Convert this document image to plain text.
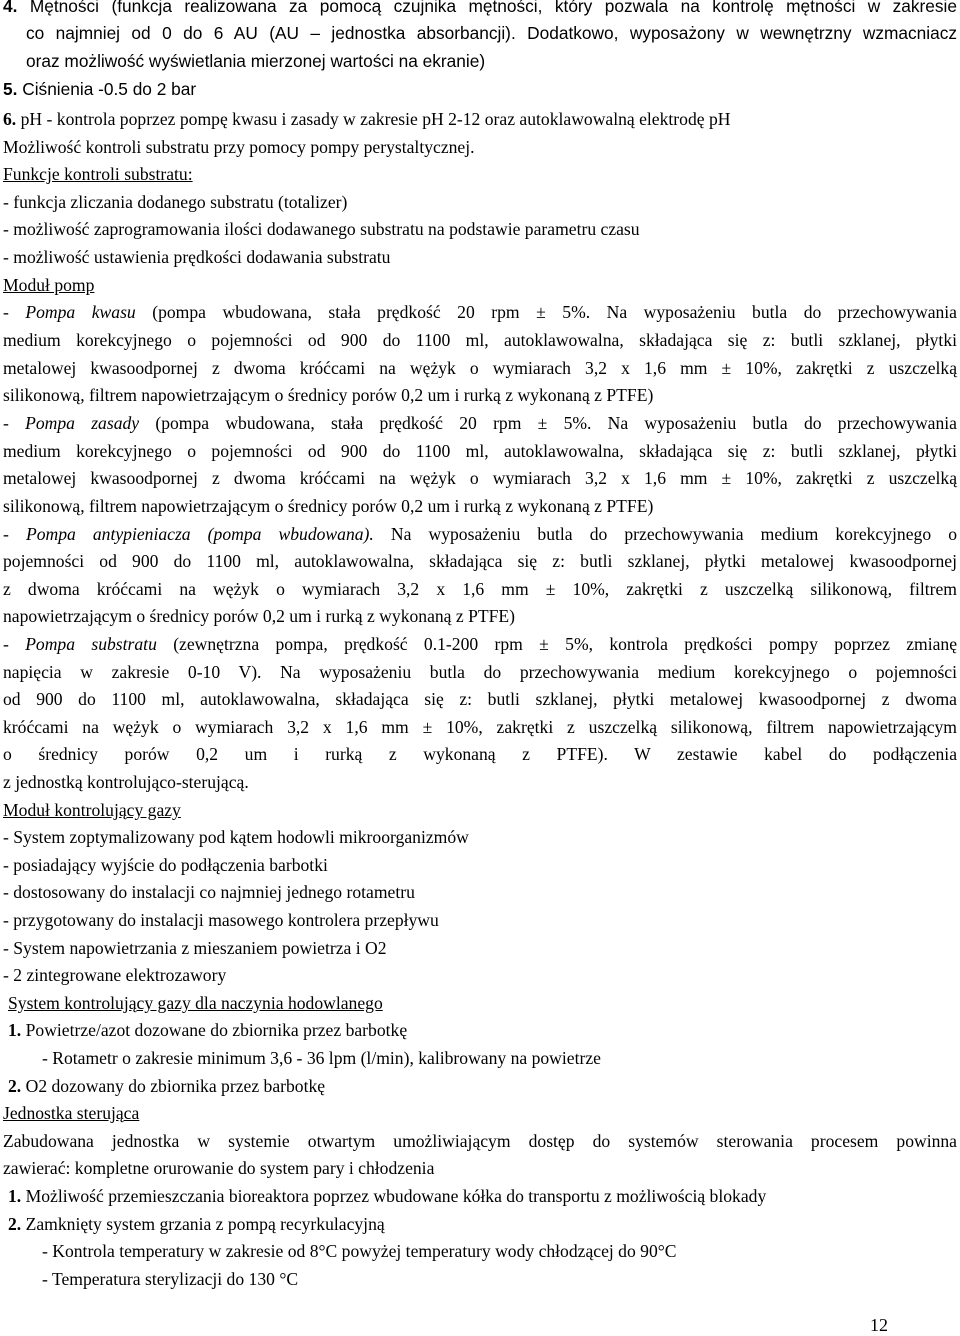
4. Mętności (funkcja realizowana za pomocą czujnika mętności, który pozwala na kontrolę mętności w zakresie

co najmniej od 0 do 6 AU (AU – jednostka absorbancji). Dodatkowo, wyposażony w wewnętrzny wzmacniacz

oraz możliwość wyświetlania mierzonej wartości na ekranie)

5. Ciśnienia -0.5 do 2 bar

6. pH - kontrola poprzez pompę kwasu i zasady w zakresie pH 2-12 oraz autoklawowalną elektrodę pH

Możliwość kontroli substratu przy pomocy pompy perystaltycznej.

Funkcje kontroli substratu:

- funkcja zliczania dodanego substratu (totalizer)

- możliwość zaprogramowania ilości dodawanego substratu na podstawie parametru czasu

- możliwość ustawienia prędkości dodawania substratu

Moduł pomp

- Pompa kwasu (pompa wbudowana, stała prędkość 20 rpm ± 5%. Na wyposażeniu butla do przechowywania

medium korekcyjnego o pojemności od 900 do 1100 ml, autoklawowalna, składająca się z: butli szklanej, płytki

metalowej kwasoodpornej z dwoma króćcami na wężyk o wymiarach 3,2 x 1,6 mm ± 10%, zakrętki z uszczelką

silikonową, filtrem napowietrzającym o średnicy porów 0,2 um i rurką z wykonaną z PTFE)

- Pompa zasady (pompa wbudowana, stała prędkość 20 rpm ± 5%. Na wyposażeniu butla do przechowywania

medium korekcyjnego o pojemności od 900 do 1100 ml, autoklawowalna, składająca się z: butli szklanej, płytki

metalowej kwasoodpornej z dwoma króćcami na wężyk o wymiarach 3,2 x 1,6 mm ± 10%, zakrętki z uszczelką

silikonową, filtrem napowietrzającym o średnicy porów 0,2 um i rurką z wykonaną z PTFE)

- Pompa antypieniacza (pompa wbudowana). Na wyposażeniu butla do przechowywania medium korekcyjnego o

pojemności od 900 do 1100 ml, autoklawowalna, składająca się z: butli szklanej, płytki metalowej kwasoodpornej

z dwoma króćcami na wężyk o wymiarach 3,2 x 1,6 mm ± 10%, zakrętki z uszczelką silikonową, filtrem

napowietrzającym o średnicy porów 0,2 um i rurką z wykonaną z PTFE)

- Pompa substratu (zewnętrzna pompa, prędkość 0.1-200 rpm ± 5%, kontrola prędkości pompy poprzez zmianę

napięcia w zakresie 0-10 V). Na wyposażeniu butla do przechowywania medium korekcyjnego o pojemności

od 900 do 1100 ml, autoklawowalna, składająca się z: butli szklanej, płytki metalowej kwasoodpornej z dwoma

króćcami na wężyk o wymiarach 3,2 x 1,6 mm ± 10%, zakrętki z uszczelką silikonową, filtrem napowietrzającym

o średnicy porów 0,2 um i rurką z wykonaną z PTFE). W zestawie kabel do podłączenia

z jednostką kontrolująco-sterującą.

Moduł kontrolujący gazy

- System zoptymalizowany pod kątem hodowli mikroorganizmów

- posiadający wyjście do podłączenia barbotki

- dostosowany do instalacji co najmniej jednego rotametru

- przygotowany do instalacji masowego kontrolera przepływu

- System napowietrzania z mieszaniem powietrza i O2

- 2 zintegrowane elektrozawory

System kontrolujący gazy dla naczynia hodowlanego

1. Powietrze/azot dozowane do zbiornika przez barbotkę

- Rotametr o zakresie minimum 3,6 - 36 lpm (l/min), kalibrowany na powietrze

2. O2 dozowany do zbiornika przez barbotkę

Jednostka sterująca

Zabudowana jednostka w systemie otwartym umożliwiającym dostęp do systemów sterowania procesem powinna

zawierać: kompletne orurowanie do system pary i chłodzenia

1. Możliwość przemieszczania bioreaktora poprzez wbudowane kółka do transportu z możliwością blokady

2. Zamknięty system grzania z pompą recyrkulacyjną

- Kontrola temperatury w zakresie od 8°C powyżej temperatury wody chłodzącej do 90°C

- Temperatura sterylizacji do 130 °C

12
